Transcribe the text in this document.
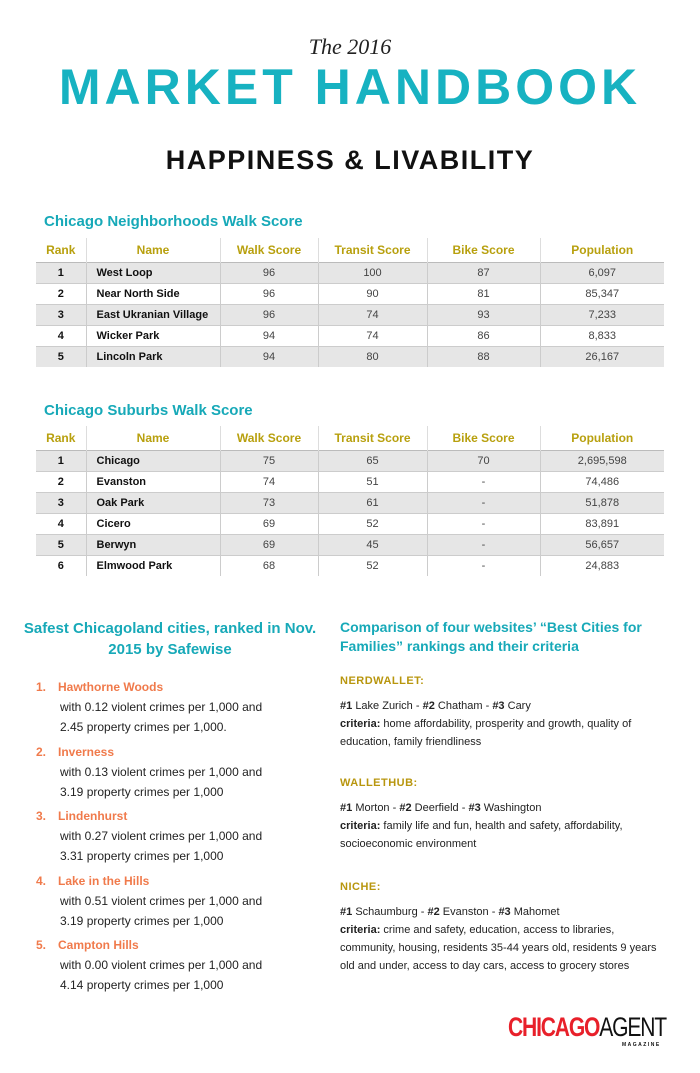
The 2016
MARKET HANDBOOK
HAPPINESS & LIVABILITY
Chicago Neighborhoods Walk Score
Rank	Name	Walk Score	Transit Score	Bike Score	Population
1	West Loop	96	100	87	6,097
2	Near North Side	96	90	81	85,347
3	East Ukranian Village	96	74	93	7,233
4	Wicker Park	94	74	86	8,833
5	Lincoln Park	94	80	88	26,167
Chicago Suburbs Walk Score
Rank	Name	Walk Score	Transit Score	Bike Score	Population
1	Chicago	75	65	70	2,695,598
2	Evanston	74	51	-	74,486
3	Oak Park	73	61	-	51,878
4	Cicero	69	52	-	83,891
5	Berwyn	69	45	-	56,657
6	Elmwood Park	68	52	-	24,883
Safest Chicagoland cities, ranked in Nov. 2015 by Safewise
1. Hawthorne Woods
with 0.12 violent crimes per 1,000 and
2.45 property crimes per 1,000.
2. Inverness
with 0.13 violent crimes per 1,000 and
3.19 property crimes per 1,000
3. Lindenhurst
with 0.27 violent crimes per 1,000 and
3.31 property crimes per 1,000
4. Lake in the Hills
with 0.51 violent crimes per 1,000 and
3.19 property crimes per 1,000
5. Campton Hills
with 0.00 violent crimes per 1,000 and
4.14 property crimes per 1,000
Comparison of four websites’ “Best Cities for Families” rankings and their criteria
NERDWALLET:
#1 Lake Zurich - #2 Chatham - #3 Cary
criteria: home affordability, prosperity and growth, quality of education, family friendliness
WALLETHUB:
#1 Morton - #2 Deerfield - #3 Washington
criteria: family life and fun, health and safety, affordability, socioeconomic environment
NICHE:
#1 Schaumburg - #2 Evanston - #3 Mahomet
criteria: crime and safety, education, access to libraries, community, housing, residents 35-44 years old, residents 9 years old and under, access to day cars, access to grocery stores
CHICAGOAGENT
MAGAZINE
